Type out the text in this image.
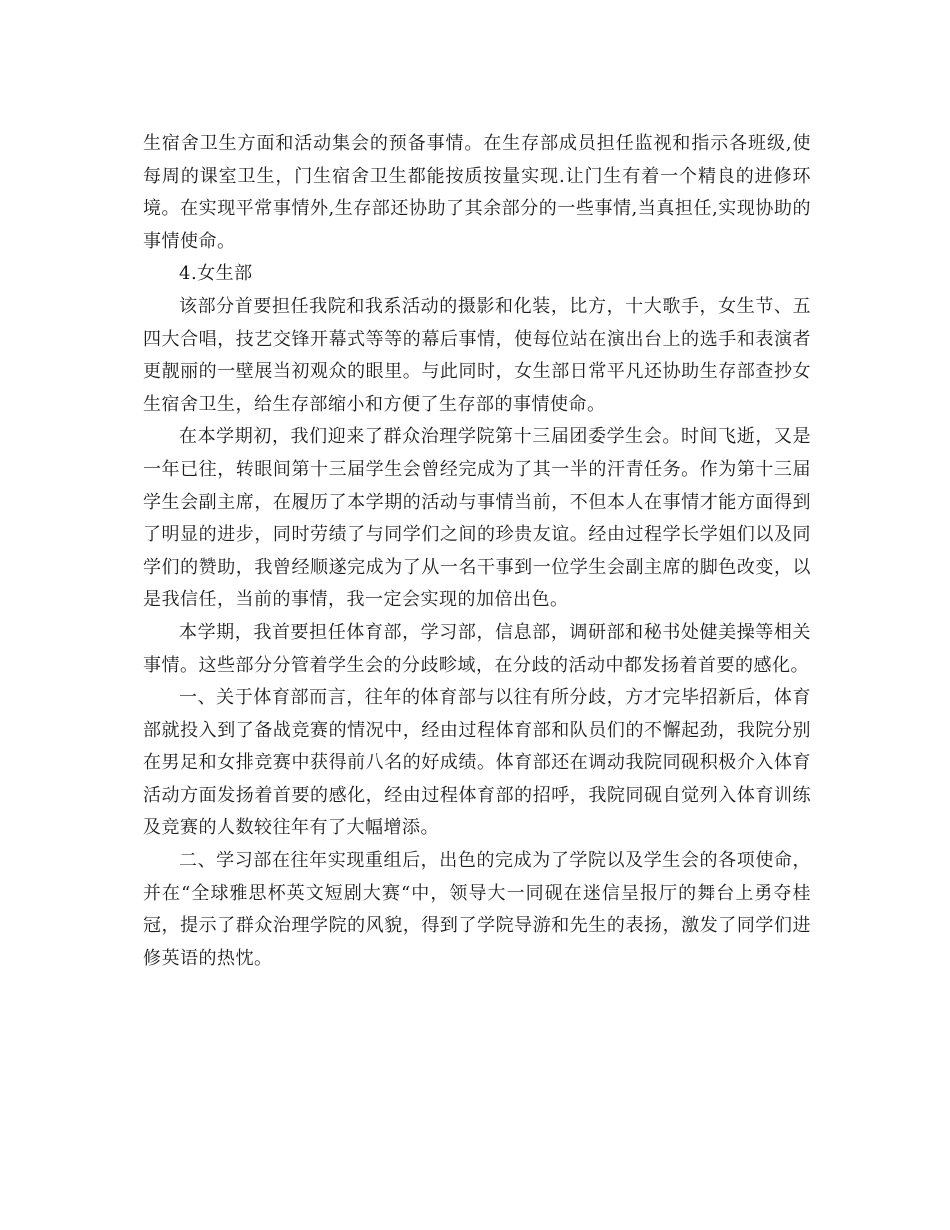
生宿舍卫生方面和活动集会的预备事情。在生存部成员担任监视和指示各班级,使每周的课室卫生，门生宿舍卫生都能按质按量实现.让门生有着一个精良的进修环境。在实现平常事情外,生存部还协助了其余部分的一些事情,当真担任,实现协助的事情使命。

4.女生部

该部分首要担任我院和我系活动的摄影和化装，比方，十大歌手，女生节、五四大合唱，技艺交锋开幕式等等的幕后事情，使每位站在演出台上的选手和表演者更靓丽的一壁展当初观众的眼里。与此同时，女生部日常平凡还协助生存部查抄女生宿舍卫生，给生存部缩小和方便了生存部的事情使命。

在本学期初，我们迎来了群众治理学院第十三届团委学生会。时间飞逝，又是一年已往，转眼间第十三届学生会曾经完成为了其一半的汗青任务。作为第十三届学生会副主席，在履历了本学期的活动与事情当前，不但本人在事情才能方面得到了明显的进步，同时劳绩了与同学们之间的珍贵友谊。经由过程学长学姐们以及同学们的赞助，我曾经顺遂完成为了从一名干事到一位学生会副主席的脚色改变，以是我信任，当前的事情，我一定会实现的加倍出色。

本学期，我首要担任体育部，学习部，信息部，调研部和秘书处健美操等相关事情。这些部分分管着学生会的分歧畛域，在分歧的活动中都发扬着首要的感化。

一、关于体育部而言，往年的体育部与以往有所分歧，方才完毕招新后，体育部就投入到了备战竞赛的情况中，经由过程体育部和队员们的不懈起劲，我院分别在男足和女排竞赛中获得前八名的好成绩。体育部还在调动我院同砚积极介入体育活动方面发扬着首要的感化，经由过程体育部的招呼，我院同砚自觉列入体育训练及竞赛的人数较往年有了大幅增添。

二、学习部在往年实现重组后，出色的完成为了学院以及学生会的各项使命，并在“全球雅思杯英文短剧大赛“中，领导大一同砚在迷信呈报厅的舞台上勇夺桂冠，提示了群众治理学院的风貌，得到了学院导游和先生的表扬，激发了同学们进修英语的热忱。
